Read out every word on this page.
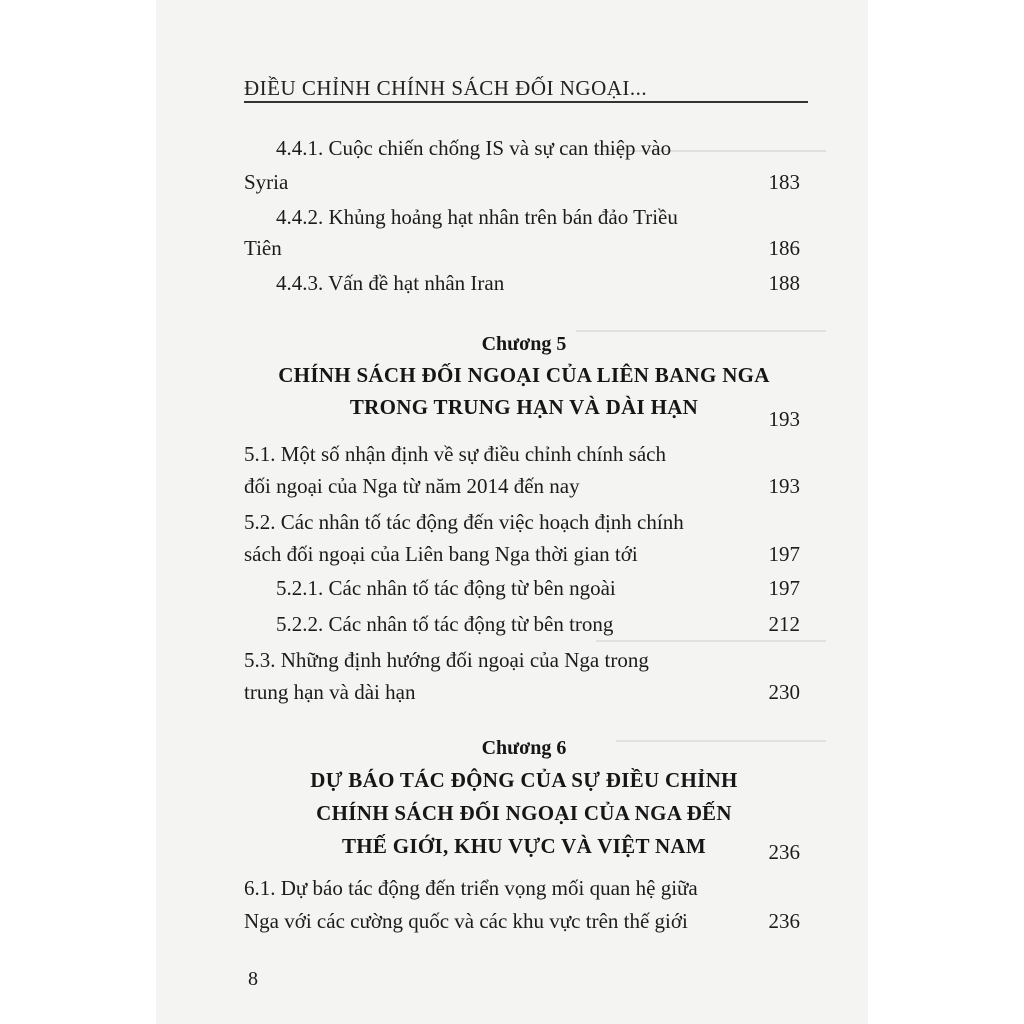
ĐIỀU CHỈNH CHÍNH SÁCH ĐỐI NGOẠI...
4.4.1. Cuộc chiến chống IS và sự can thiệp vào
Syria	183
4.4.2. Khủng hoảng hạt nhân trên bán đảo Triều
Tiên	186
4.4.3. Vấn đề hạt nhân Iran	188
Chương 5
CHÍNH SÁCH ĐỐI NGOẠI CỦA LIÊN BANG NGA
TRONG TRUNG HẠN VÀ DÀI HẠN	193
5.1. Một số nhận định về sự điều chỉnh chính sách
đối ngoại của Nga từ năm 2014 đến nay	193
5.2. Các nhân tố tác động đến việc hoạch định chính
sách đối ngoại của Liên bang Nga thời gian tới	197
5.2.1. Các nhân tố tác động từ bên ngoài	197
5.2.2. Các nhân tố tác động từ bên trong	212
5.3. Những định hướng đối ngoại của Nga trong
trung hạn và dài hạn	230
Chương 6
DỰ BÁO TÁC ĐỘNG CỦA SỰ ĐIỀU CHỈNH
CHÍNH SÁCH ĐỐI NGOẠI CỦA NGA ĐẾN
THẾ GIỚI, KHU VỰC VÀ VIỆT NAM	236
6.1. Dự báo tác động đến triển vọng mối quan hệ giữa
Nga với các cường quốc và các khu vực trên thế giới	236
8
